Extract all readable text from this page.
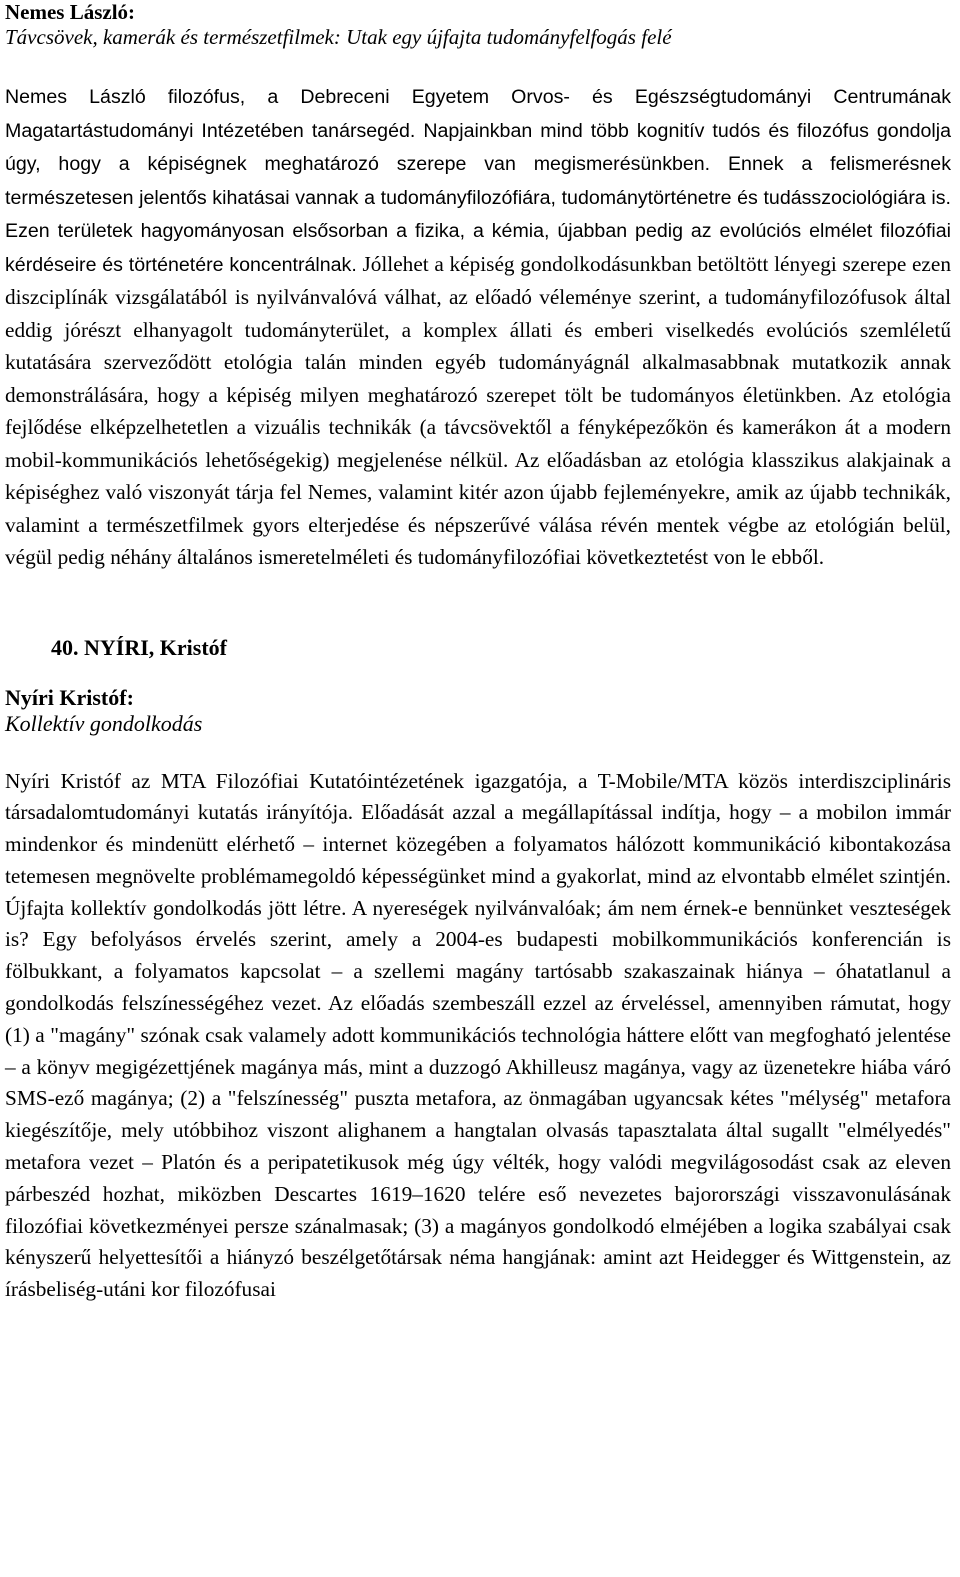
Nemes László:

Távcsövek, kamerák és természetfilmek: Utak egy újfajta tudományfelfogás felé

Nemes László filozófus, a Debreceni Egyetem Orvos- és Egészségtudományi Centrumának Magatartástudományi Intézetében tanársegéd. Napjainkban mind több kognitív tudós és filozófus gondolja úgy, hogy a képiségnek meghatározó szerepe van megismerésünkben. Ennek a felismerésnek természetesen jelentős kihatásai vannak a tudományfilozófiára, tudománytörténetre és tudásszociológiára is. Ezen területek hagyományosan elsősorban a fizika, a kémia, újabban pedig az evolúciós elmélet filozófiai kérdéseire és történetére koncentrálnak. Jóllehet a képiség gondolkodásunkban betöltött lényegi szerepe ezen diszciplínák vizsgálatából is nyilvánvalóvá válhat, az előadó véleménye szerint, a tudományfilozófusok által eddig jórészt elhanyagolt tudományterület, a komplex állati és emberi viselkedés evolúciós szemléletű kutatására szerveződött etológia talán minden egyéb tudományágnál alkalmasabbnak mutatkozik annak demonstrálására, hogy a képiség milyen meghatározó szerepet tölt be tudományos életünkben. Az etológia fejlődése elképzelhetetlen a vizuális technikák (a távcsövektől a fényképezőkön és kamerákon át a modern mobil-kommunikációs lehetőségekig) megjelenése nélkül. Az előadásban az etológia klasszikus alakjainak a képiséghez való viszonyát tárja fel Nemes, valamint kitér azon újabb fejleményekre, amik az újabb technikák, valamint a természetfilmek gyors elterjedése és népszerűvé válása révén mentek végbe az etológián belül, végül pedig néhány általános ismeretelméleti és tudományfilozófiai következtetést von le ebből.

40. NYÍRI, Kristóf

Nyíri Kristóf:

Kollektív gondolkodás

Nyíri Kristóf az MTA Filozófiai Kutatóintézetének igazgatója, a T-Mobile/MTA közös interdiszciplináris társadalomtudományi kutatás irányítója. Előadását azzal a megállapítással indítja, hogy – a mobilon immár mindenkor és mindenütt elérhető – internet közegében a folyamatos hálózott kommunikáció kibontakozása tetemesen megnövelte problémamegoldó képességünket mind a gyakorlat, mind az elvontabb elmélet szintjén. Újfajta kollektív gondolkodás jött létre. A nyereségek nyilvánvalóak; ám nem érnek-e bennünket veszteségek is? Egy befolyásos érvelés szerint, amely a 2004-es budapesti mobilkommunikációs konferencián is fölbukkant, a folyamatos kapcsolat – a szellemi magány tartósabb szakaszainak hiánya – óhatatlanul a gondolkodás felszínességéhez vezet. Az előadás szembeszáll ezzel az érveléssel, amennyiben rámutat, hogy (1) a "magány" szónak csak valamely adott kommunikációs technológia háttere előtt van megfogható jelentése – a könyv megigézettjének magánya más, mint a duzzogó Akhilleusz magánya, vagy az üzenetekre hiába váró SMS-ező magánya; (2) a "felszínesség" puszta metafora, az önmagában ugyancsak kétes "mélység" metafora kiegészítője, mely utóbbihoz viszont alighanem a hangtalan olvasás tapasztalata által sugallt "elmélyedés" metafora vezet – Platón és a peripatetikusok még úgy vélték, hogy valódi megvilágosodást csak az eleven párbeszéd hozhat, miközben Descartes 1619–1620 telére eső nevezetes bajorországi visszavonulásának filozófiai következményei persze szánalmasak; (3) a magányos gondolkodó elméjében a logika szabályai csak kényszerű helyettesítői a hiányzó beszélgetőtársak néma hangjának: amint azt Heidegger és Wittgenstein, az írásbeliség-utáni kor filozófusai
